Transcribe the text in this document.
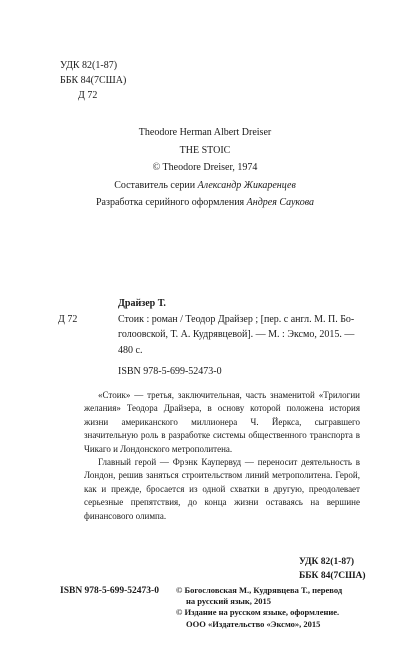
УДК 82(1-87)
ББК 84(7США)
Д 72
Theodore Herman Albert Dreiser
THE STOIC
© Theodore Dreiser, 1974
Составитель серии Александр Жикаренцев
Разработка серийного оформления Андрея Саукова
Драйзер Т.
Д 72	Стоик : роман / Теодор Драйзер ; [пер. с англ. М. П. Бо-
голоовской, Т. А. Кудрявцевой]. — М. : Эксмо, 2015. —
480 с.
ISBN 978-5-699-52473-0

«Стоик» — третья, заключительная, часть знаменитой «Трилогии желания» Теодора Драйзера, в основу которой положена история жизни американского миллионера Ч. Йеркса, сыгравшего значительную роль в разработке системы общественного транспорта в Чикаго и Лондонского метрополитена.

Главный герой — Фрэнк Каупервуд — переносит деятельность в Лондон, решив заняться строительством линий метрополитена. Герой, как и прежде, бросается из одной схватки в другую, преодолевает серьезные препятствия, до конца жизни оставаясь на вершине финансового олимпа.

УДК 82(1-87)
ББК 84(7США)
ISBN 978-5-699-52473-0 © Богословская М., Кудрявцева Т., перевод
на русский язык, 2015
© Издание на русском языке, оформление.
ООО «Издательство «Эксмо», 2015
